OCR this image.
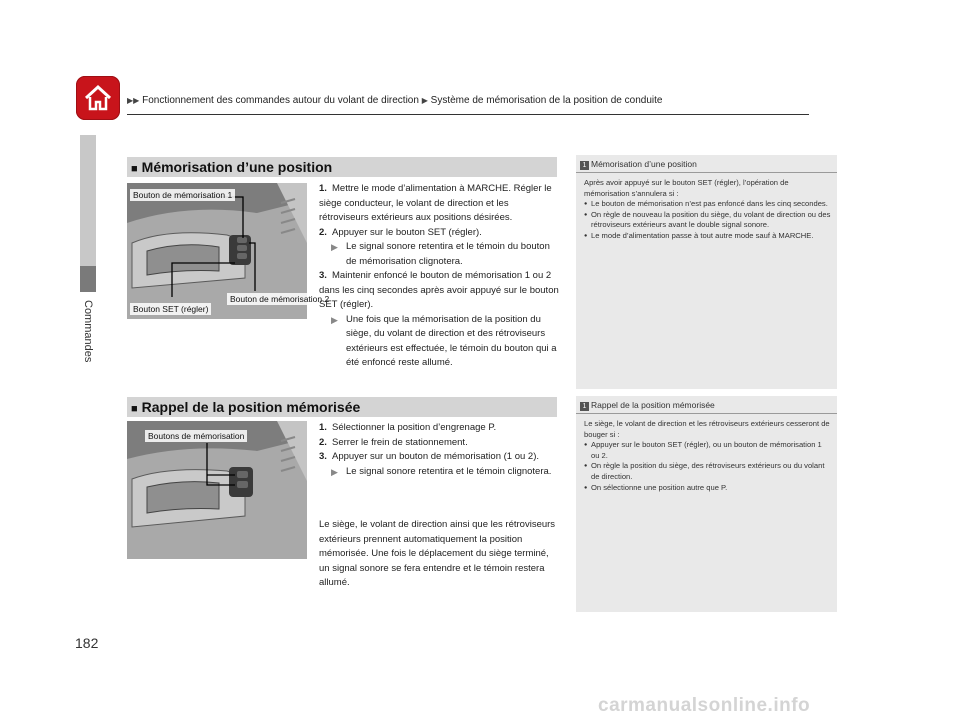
Commandes
▶▶ Fonctionnement des commandes autour du volant de direction ▶ Système de mémorisation de la position de conduite
■ Mémorisation d’une position
Bouton de mémorisation 1
Bouton SET (régler)
Bouton de mémorisation 2
1. Mettre le mode d’alimentation à MARCHE. Régler le siège conducteur, le volant de direction et les rétroviseurs extérieurs aux positions désirées.
2. Appuyer sur le bouton SET (régler).
▶ Le signal sonore retentira et le témoin du bouton de mémorisation clignotera.
3. Maintenir enfoncé le bouton de mémorisation 1 ou 2 dans les cinq secondes après avoir appuyé sur le bouton SET (régler).
▶ Une fois que la mémorisation de la position du siège, du volant de direction et des rétroviseurs extérieurs est effectuée, le témoin du bouton qui a été enfoncé reste allumé.
1 Mémorisation d’une position
Après avoir appuyé sur le bouton SET (régler), l’opération de mémorisation s’annulera si :
● Le bouton de mémorisation n’est pas enfoncé dans les cinq secondes.
● On règle de nouveau la position du siège, du volant de direction ou des rétroviseurs extérieurs avant le double signal sonore.
● Le mode d’alimentation passe à tout autre mode sauf à MARCHE.
■ Rappel de la position mémorisée
Boutons de mémorisation
1. Sélectionner la position d’engrenage P.
2. Serrer le frein de stationnement.
3. Appuyer sur un bouton de mémorisation (1 ou 2).
▶ Le signal sonore retentira et le témoin clignotera.
Le siège, le volant de direction ainsi que les rétroviseurs extérieurs prennent automatiquement la position mémorisée. Une fois le déplacement du siège terminé, un signal sonore se fera entendre et le témoin restera allumé.
1 Rappel de la position mémorisée
Le siège, le volant de direction et les rétroviseurs extérieurs cesseront de bouger si :
● Appuyer sur le bouton SET (régler), ou un bouton de mémorisation 1 ou 2.
● On règle la position du siège, des rétroviseurs extérieurs ou du volant de direction.
● On sélectionne une position autre que P.
182
carmanualsonline.info
